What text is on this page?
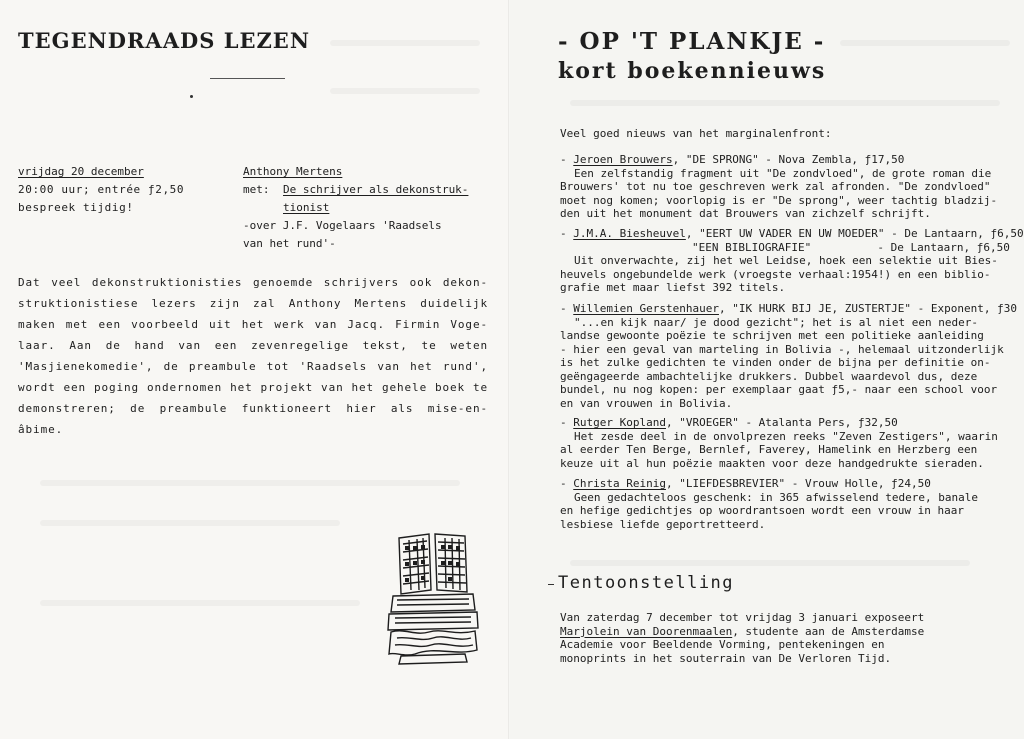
TEGENDRAADS LEZEN
vrijdag 20 december
20:00 uur; entrée ƒ2,50
bespreek tijdig!
Anthony Mertens
met: De schrijver als dekonstruk-
tionist
-over J.F. Vogelaars 'Raadsels
van het rund'-
Dat veel dekonstruktionisties genoemde schrijvers ook dekon-struktionistiese lezers zijn zal Anthony Mertens duidelijk maken met een voorbeeld uit het werk van Jacq. Firmin Voge-laar. Aan de hand van een zevenregelige tekst, te weten 'Masjienekomedie', de preambule tot 'Raadsels van het rund', wordt een poging ondernomen het projekt van het gehele boek te demonstreren; de preambule funktioneert hier als mise-en-âbime.
- OP 'T PLANKJE -
kort boekennieuws
Veel goed nieuws van het marginalenfront:
- Jeroen Brouwers, "DE SPRONG" - Nova Zembla, ƒ17,50
Een zelfstandig fragment uit "De zondvloed", de grote roman die
Brouwers' tot nu toe geschreven werk zal afronden. "De zondvloed"
moet nog komen; voorlopig is er "De sprong", weer tachtig bladzij-
den uit het monument dat Brouwers van zichzelf schrijft.
- J.M.A. Biesheuvel, "EERT UW VADER EN UW MOEDER" - De Lantaarn, ƒ6,50
"EEN BIBLIOGRAFIE"          - De Lantaarn, ƒ6,50
Uit onverwachte, zij het wel Leidse, hoek een selektie uit Bies-
heuvels ongebundelde werk (vroegste verhaal:1954!) en een biblio-
grafie met maar liefst 392 titels.
- Willemien Gerstenhauer, "IK HURK BIJ JE, ZUSTERTJE" - Exponent, ƒ30
"...en kijk naar/ je dood gezicht"; het is al niet een neder-
landse gewoonte poëzie te schrijven met een politieke aanleiding
- hier een geval van marteling in Bolivia -, helemaal uitzonderlijk
is het zulke gedichten te vinden onder de bijna per definitie on-
geëngageerde ambachtelijke drukkers. Dubbel waardevol dus, deze
bundel, nu nog kopen: per exemplaar gaat ƒ5,- naar een school voor
en van vrouwen in Bolivia.
- Rutger Kopland, "VROEGER" - Atalanta Pers, ƒ32,50
Het zesde deel in de onvolprezen reeks "Zeven Zestigers", waarin
al eerder Ten Berge, Bernlef, Faverey, Hamelink en Herzberg een
keuze uit al hun poëzie maakten voor deze handgedrukte sieraden.
- Christa Reinig, "LIEFDESBREVIER" - Vrouw Holle, ƒ24,50
Geen gedachteloos geschenk: in 365 afwisselend tedere, banale
en hefige gedichtjes op woordrantsoen wordt een vrouw in haar
lesbiese liefde geportretteerd.
Tentoonstelling
Van zaterdag 7 december tot vrijdag 3 januari exposeert
Marjolein van Doorenmaalen, studente aan de Amsterdamse
Academie voor Beeldende Vorming, pentekeningen en
monoprints in het souterrain van De Verloren Tijd.
